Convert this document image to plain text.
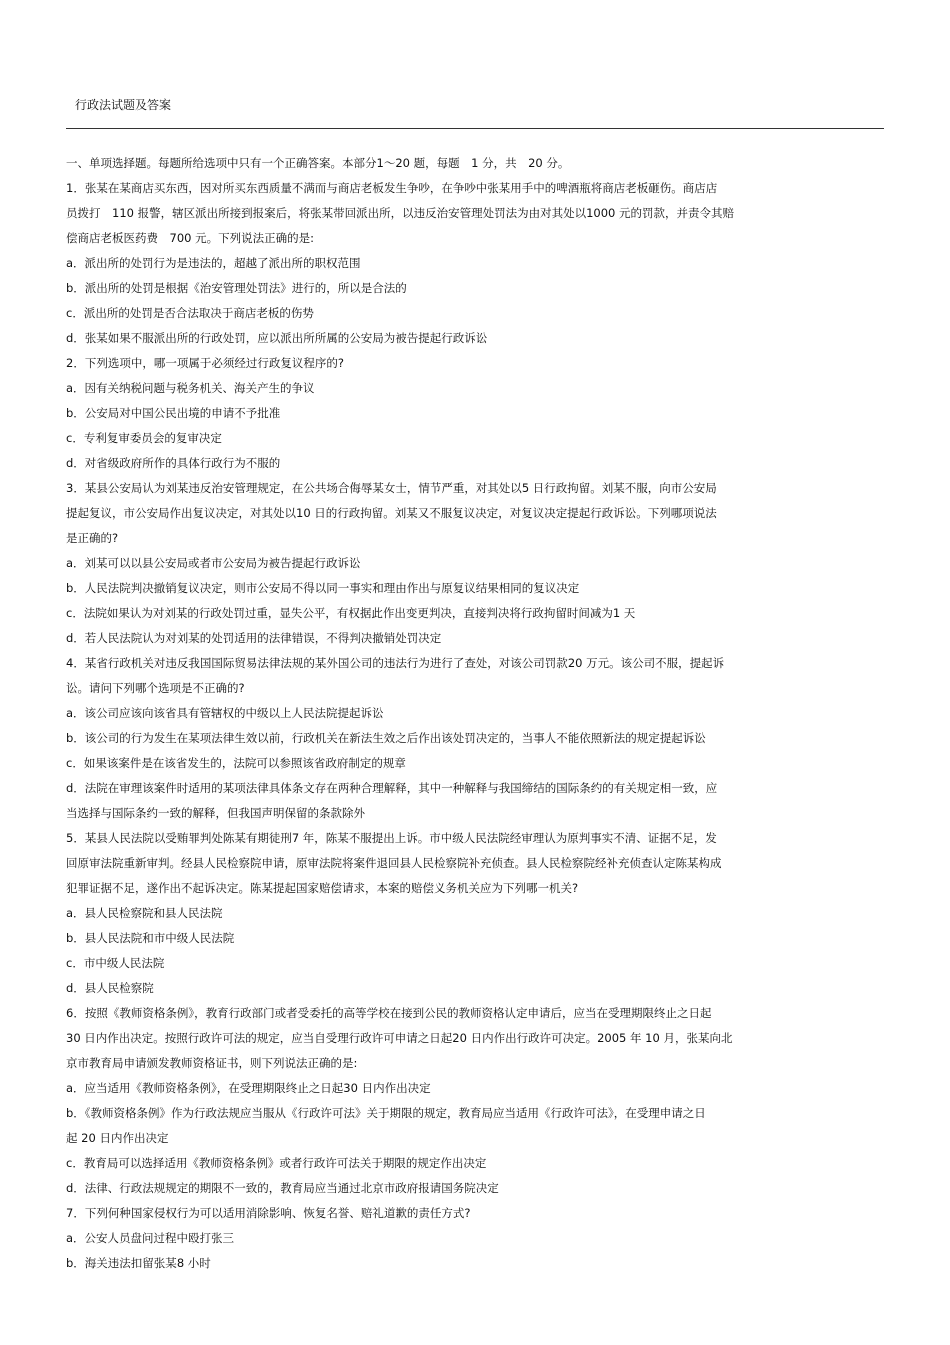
行政法试题及答案
一、单项选择题。每题所给选项中只有一个正确答案。本部分1～20 题，每题　1 分，共　20 分。
1．张某在某商店买东西，因对所买东西质量不满而与商店老板发生争吵，在争吵中张某用手中的啤酒瓶将商店老板砸伤。商店店
员拨打　110 报警，辖区派出所接到报案后，将张某带回派出所，以违反治安管理处罚法为由对其处以1000 元的罚款，并责令其赔
偿商店老板医药费　700 元。下列说法正确的是:
a．派出所的处罚行为是违法的，超越了派出所的职权范围
b．派出所的处罚是根据《治安管理处罚法》进行的，所以是合法的
c．派出所的处罚是否合法取决于商店老板的伤势
d．张某如果不服派出所的行政处罚，应以派出所所属的公安局为被告提起行政诉讼
2．下列选项中，哪一项属于必须经过行政复议程序的?
a．因有关纳税问题与税务机关、海关产生的争议
b．公安局对中国公民出境的申请不予批准
c．专利复审委员会的复审决定
d．对省级政府所作的具体行政行为不服的
3．某县公安局认为刘某违反治安管理规定，在公共场合侮辱某女士，情节严重，对其处以5 日行政拘留。刘某不服，向市公安局
提起复议，市公安局作出复议决定，对其处以10 日的行政拘留。刘某又不服复议决定，对复议决定提起行政诉讼。下列哪项说法
是正确的?
a．刘某可以以县公安局或者市公安局为被告提起行政诉讼
b．人民法院判决撤销复议决定，则市公安局不得以同一事实和理由作出与原复议结果相同的复议决定
c．法院如果认为对刘某的行政处罚过重，显失公平，有权据此作出变更判决，直接判决将行政拘留时间减为1 天
d．若人民法院认为对刘某的处罚适用的法律错误，不得判决撤销处罚决定
4．某省行政机关对违反我国国际贸易法律法规的某外国公司的违法行为进行了查处，对该公司罚款20 万元。该公司不服，提起诉
讼。请问下列哪个选项是不正确的?
a．该公司应该向该省具有管辖权的中级以上人民法院提起诉讼
b．该公司的行为发生在某项法律生效以前，行政机关在新法生效之后作出该处罚决定的，当事人不能依照新法的规定提起诉讼
c．如果该案件是在该省发生的，法院可以参照该省政府制定的规章
d．法院在审理该案件时适用的某项法律具体条文存在两种合理解释，其中一种解释与我国缔结的国际条约的有关规定相一致，应
当选择与国际条约一致的解释，但我国声明保留的条款除外
5．某县人民法院以受贿罪判处陈某有期徒刑7 年，陈某不服提出上诉。市中级人民法院经审理认为原判事实不清、证据不足，发
回原审法院重新审判。经县人民检察院申请，原审法院将案件退回县人民检察院补充侦查。县人民检察院经补充侦查认定陈某构成
犯罪证据不足，遂作出不起诉决定。陈某提起国家赔偿请求，本案的赔偿义务机关应为下列哪一机关?
a．县人民检察院和县人民法院
b．县人民法院和市中级人民法院
c．市中级人民法院
d．县人民检察院
6．按照《教师资格条例》，教育行政部门或者受委托的高等学校在接到公民的教师资格认定申请后，应当在受理期限终止之日起
30 日内作出决定。按照行政许可法的规定，应当自受理行政许可申请之日起20 日内作出行政许可决定。2005 年 10 月，张某向北
京市教育局申请颁发教师资格证书，则下列说法正确的是:
a．应当适用《教师资格条例》，在受理期限终止之日起30 日内作出决定
b．《教师资格条例》作为行政法规应当服从《行政许可法》关于期限的规定，教育局应当适用《行政许可法》，在受理申请之日
起 20 日内作出决定
c．教育局可以选择适用《教师资格条例》或者行政许可法关于期限的规定作出决定
d．法律、行政法规规定的期限不一致的，教育局应当通过北京市政府报请国务院决定
7．下列何种国家侵权行为可以适用消除影响、恢复名誉、赔礼道歉的责任方式?
a．公安人员盘问过程中殴打张三
b．海关违法扣留张某8 小时
